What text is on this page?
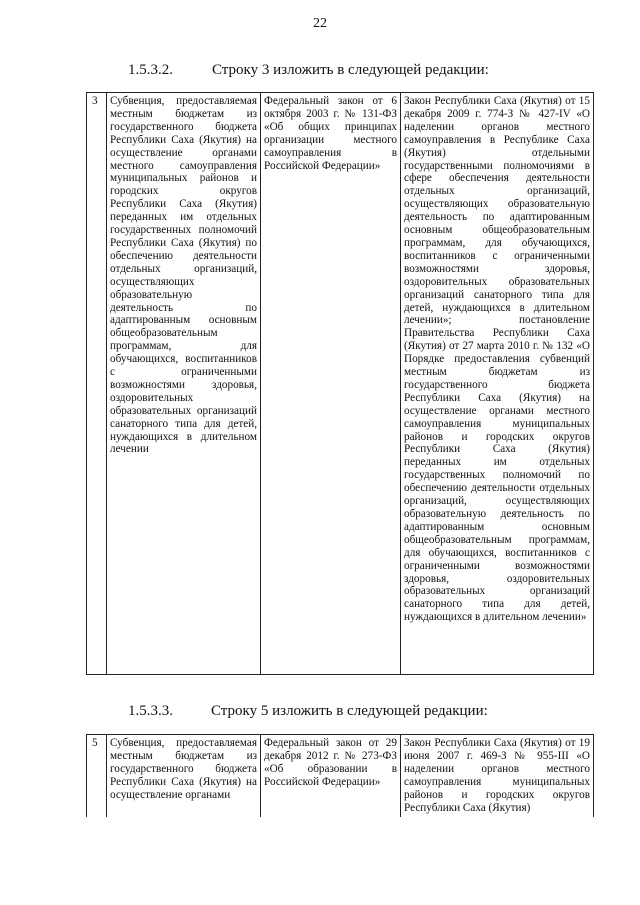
22
1.5.3.2.	Строку 3 изложить в следующей редакции:
3	Субвенция, предоставляемая местным бюджетам из государственного бюджета Республики Саха (Якутия) на осуществление органами местного самоуправления муниципальных районов и городских округов Республики Саха (Якутия) переданных им отдельных государственных полномочий Республики Саха (Якутия) по обеспечению деятельности отдельных организаций, осуществляющих образовательную деятельность по адаптированным основным общеобразовательным программам, для обучающихся, воспитанников с ограниченными возможностями здоровья, оздоровительных образовательных организаций санаторного типа для детей, нуждающихся в длительном лечении	Федеральный закон от 6 октября 2003 г. № 131-ФЗ «Об общих принципах организации местного самоуправления в Российской Федерации»	Закон Республики Саха (Якутия) от 15 декабря 2009 г. 774-З № 427-IV «О наделении органов местного самоуправления в Республике Саха (Якутия) отдельными государственными полномочиями в сфере обеспечения деятельности отдельных организаций, осуществляющих образовательную деятельность по адаптированным основным общеобразовательным программам, для обучающихся, воспитанников с ограниченными возможностями здоровья, оздоровительных образовательных организаций санаторного типа для детей, нуждающихся в длительном лечении»; постановление Правительства Республики Саха (Якутия) от 27 марта 2010 г. № 132 «О Порядке предоставления субвенций местным бюджетам из государственного бюджета Республики Саха (Якутия) на осуществление органами местного самоуправления муниципальных районов и городских округов Республики Саха (Якутия) переданных им отдельных государственных полномочий по обеспечению деятельности отдельных организаций, осуществляющих образовательную деятельность по адаптированным основным общеобразовательным программам, для обучающихся, воспитанников с ограниченными возможностями здоровья, оздоровительных образовательных организаций санаторного типа для детей, нуждающихся в длительном лечении»
1.5.3.3.	Строку 5 изложить в следующей редакции:
5	Субвенция, предоставляемая местным бюджетам из государственного бюджета Республики Саха (Якутия) на осуществление органами	Федеральный закон от 29 декабря 2012 г. № 273-ФЗ «Об образовании в Российской Федерации»	Закон Республики Саха (Якутия) от 19 июня 2007 г. 469-З № 955-III «О наделении органов местного самоуправления муниципальных районов и городских округов Республики Саха (Якутия)
